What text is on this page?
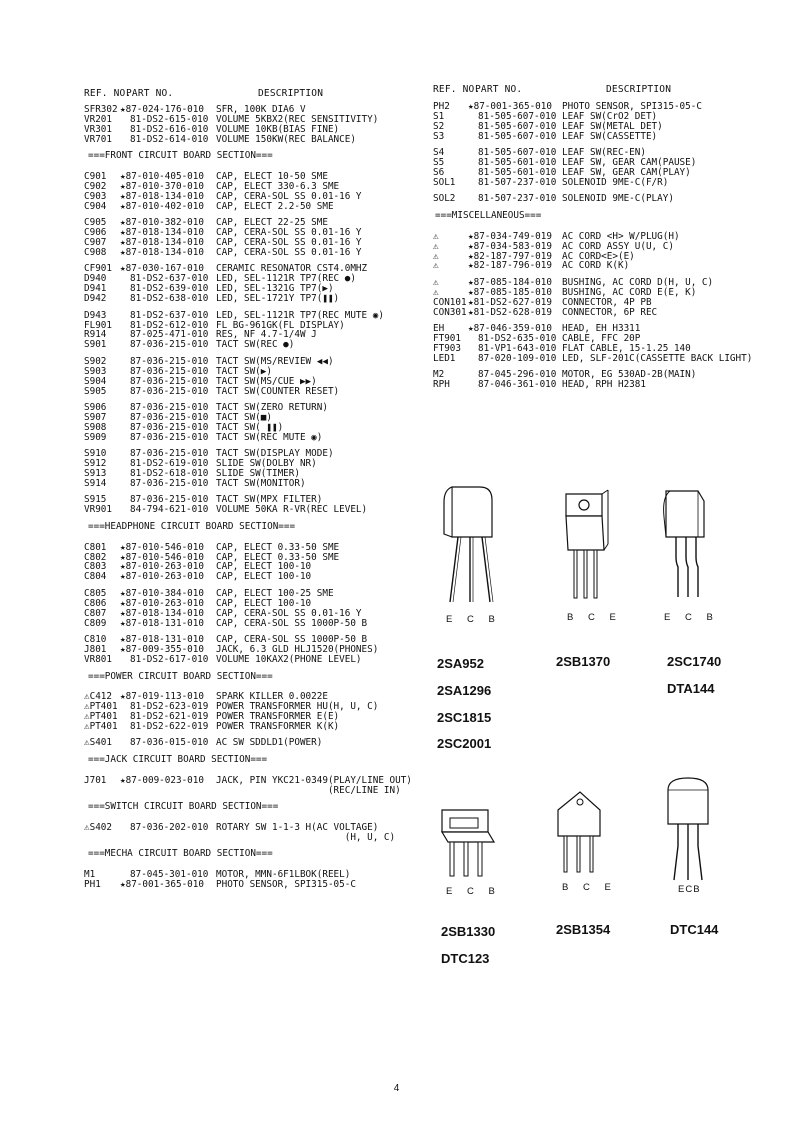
REF. NO.
PART NO.	DESCRIPTION
SFR302 ★87-024-176-010 SFR, 100K DIA6 V
VR201 81-DS2-615-010 VOLUME 5KBX2(REC SENSITIVITY)
VR301 81-DS2-616-010 VOLUME 10KB(BIAS FINE)
VR701 81-DS2-614-010 VOLUME 150KW(REC BALANCE)
===FRONT CIRCUIT BOARD SECTION===
C901 ★87-010-405-010 CAP, ELECT 10-50 SME
C902 ★87-010-370-010 CAP, ELECT 330-6.3 SME
C903 ★87-018-134-010 CAP, CERA-SOL SS 0.01-16 Y
C904 ★87-010-402-010 CAP, ELECT 2.2-50 SME
C905 ★87-010-382-010 CAP, ELECT 22-25 SME
C906 ★87-018-134-010 CAP, CERA-SOL SS 0.01-16 Y
C907 ★87-018-134-010 CAP, CERA-SOL SS 0.01-16 Y
C908 ★87-018-134-010 CAP, CERA-SOL SS 0.01-16 Y
CF901 ★87-030-167-010 CERAMIC RESONATOR CST4.0MHZ
D940	81-DS2-637-010 LED, SEL-1121R TP7(REC ●)
D941	81-DS2-639-010 LED, SEL-1321G TP7(▶)
D942	81-DS2-638-010 LED, SEL-1721Y TP7(❚❚)
D943	81-DS2-637-010 LED, SEL-1121R TP7(REC MUTE ◉)
FL901 81-DS2-612-010 FL BG-961GK(FL DISPLAY)
R914	87-025-471-010 RES, NF 4.7-1/4W J
S901	87-036-215-010 TACT SW(REC ●)
S902	87-036-215-010 TACT SW(MS/REVIEW ◀◀)
S903	87-036-215-010 TACT SW(▶)
S904	87-036-215-010 TACT SW(MS/CUE ▶▶)
S905	87-036-215-010 TACT SW(COUNTER RESET)
S906	87-036-215-010 TACT SW(ZERO RETURN)
S907	87-036-215-010 TACT SW(■)
S908	87-036-215-010 TACT SW( ❚❚)
S909	87-036-215-010 TACT SW(REC MUTE ◉)
S910	87-036-215-010 TACT SW(DISPLAY MODE)
S912	81-DS2-619-010 SLIDE SW(DOLBY NR)
S913	81-DS2-618-010 SLIDE SW(TIMER)
S914	87-036-215-010 TACT SW(MONITOR)
S915	87-036-215-010 TACT SW(MPX FILTER)
VR901 84-794-621-010 VOLUME 50KA R-VR(REC LEVEL)
===HEADPHONE CIRCUIT BOARD SECTION===
C801 ★87-010-546-010 CAP, ELECT 0.33-50 SME
C802 ★87-010-546-010 CAP, ELECT 0.33-50 SME
C803 ★87-010-263-010 CAP, ELECT 100-10
C804 ★87-010-263-010 CAP, ELECT 100-10
C805 ★87-010-384-010 CAP, ELECT 100-25 SME
C806 ★87-010-263-010 CAP, ELECT 100-10
C807 ★87-018-134-010 CAP, CERA-SOL SS 0.01-16 Y
C809 ★87-018-131-010 CAP, CERA-SOL SS 1000P-50 B
C810 ★87-018-131-010 CAP, CERA-SOL SS 1000P-50 B
J801 ★87-009-355-010 JACK, 6.3 GLD HLJ1520(PHONES)
VR801 81-DS2-617-010 VOLUME 10KAX2(PHONE LEVEL)
===POWER CIRCUIT BOARD SECTION===
⚠C412 ★87-019-113-010 SPARK KILLER 0.0022E
⚠PT401 81-DS2-623-019 POWER TRANSFORMER HU(H, U, C)
⚠PT401 81-DS2-621-019 POWER TRANSFORMER E(E)
⚠PT401 81-DS2-622-019 POWER TRANSFORMER K(K)
⚠S401 87-036-015-010 AC SW SDDLD1(POWER)
===JACK CIRCUIT BOARD SECTION===
J701 ★87-009-023-010 JACK, PIN YKC21-0349(PLAY/LINE OUT)
(REC/LINE IN)
===SWITCH CIRCUIT BOARD SECTION===
⚠S402 87-036-202-010 ROTARY SW 1-1-3 H(AC VOLTAGE)
(H, U, C)
===MECHA CIRCUIT BOARD SECTION===
M1	87-045-301-010 MOTOR, MMN-6F1LBOK(REEL)
PH1 ★87-001-365-010 PHOTO SENSOR, SPI315-05-C
REF. NO.
PART NO.	DESCRIPTION
PH2 ★87-001-365-010 PHOTO SENSOR, SPI315-05-C
S1	81-505-607-010 LEAF SW(CrO2 DET)
S2	81-505-607-010 LEAF SW(METAL DET)
S3	81-505-607-010 LEAF SW(CASSETTE)
S4	81-505-607-010 LEAF SW(REC-EN)
S5	81-505-601-010 LEAF SW, GEAR CAM(PAUSE)
S6	81-505-601-010 LEAF SW, GEAR CAM(PLAY)
SOL1 81-507-237-010 SOLENOID 9ME-C(F/R)
SOL2 81-507-237-010 SOLENOID 9ME-C(PLAY)
===MISCELLANEOUS===
⚠	★87-034-749-019 AC CORD <H> W/PLUG(H)
⚠	★87-034-583-019 AC CORD ASSY U(U, C)
⚠	★82-187-797-019 AC CORD<E>(E)
⚠	★82-187-796-019 AC CORD K(K)
⚠	★87-085-184-010 BUSHING, AC CORD D(H, U, C)
⚠	★87-085-185-010 BUSHING, AC CORD E(E, K)
CON101 ★81-DS2-627-019 CONNECTOR, 4P PB
CON301 ★81-DS2-628-019 CONNECTOR, 6P REC
EH	★87-046-359-010 HEAD, EH H3311
FT901 81-DS2-635-010 CABLE, FFC 20P
FT903 81-VP1-643-010 FLAT CABLE, 15-1.25 140
LED1 87-020-109-010 LED, SLF-201C(CASSETTE BACK LIGHT)
M2	87-045-296-010 MOTOR, EG 530AD-2B(MAIN)
RPH	87-046-361-010 HEAD, RPH H2381
E C B	B C E	E C B
E C B	B C E	ECB
2SA952
2SA1296
2SC1815
2SC2001
2SB1370	2SC1740
DTA144
2SB1330
DTC123
2SB1354	DTC144
4
